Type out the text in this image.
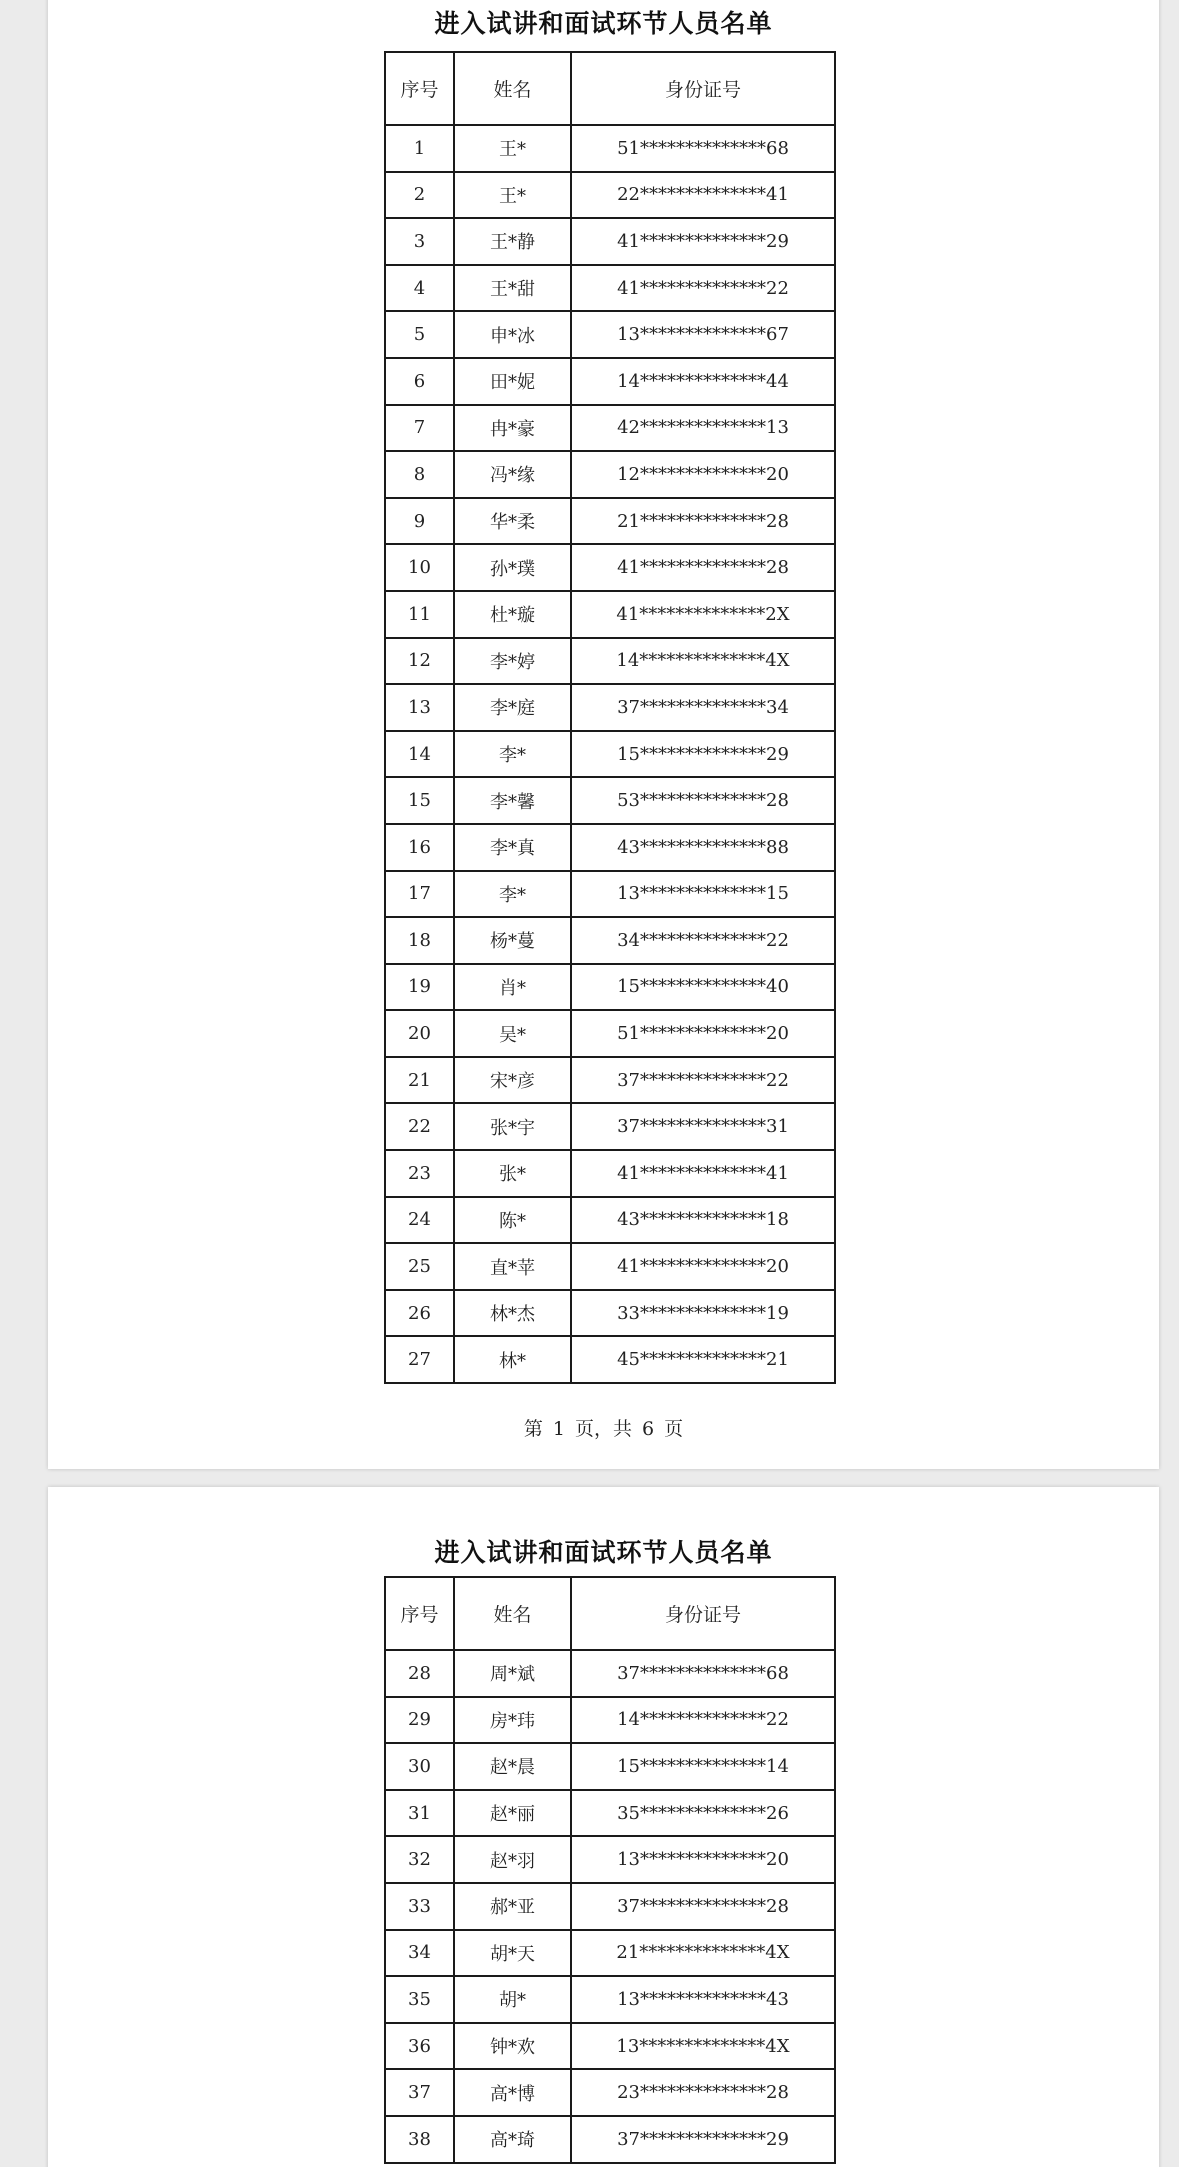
进入试讲和面试环节人员名单
序号	姓名	身份证号
1	王*	51**************68
2	王*	22**************41
3	王*静	41**************29
4	王*甜	41**************22
5	申*冰	13**************67
6	田*妮	14**************44
7	冉*豪	42**************13
8	冯*缘	12**************20
9	华*柔	21**************28
10	孙*璞	41**************28
11	杜*璇	41**************2X
12	李*婷	14**************4X
13	李*庭	37**************34
14	李*	15**************29
15	李*馨	53**************28
16	李*真	43**************88
17	李*	13**************15
18	杨*蔓	34**************22
19	肖*	15**************40
20	吴*	51**************20
21	宋*彦	37**************22
22	张*宇	37**************31
23	张*	41**************41
24	陈*	43**************18
25	直*苹	41**************20
26	林*杰	33**************19
27	林*	45**************21
第 1 页，共 6 页
进入试讲和面试环节人员名单
序号	姓名	身份证号
28	周*斌	37**************68
29	房*玮	14**************22
30	赵*晨	15**************14
31	赵*丽	35**************26
32	赵*羽	13**************20
33	郝*亚	37**************28
34	胡*天	21**************4X
35	胡*	13**************43
36	钟*欢	13**************4X
37	高*博	23**************28
38	高*琦	37**************29
